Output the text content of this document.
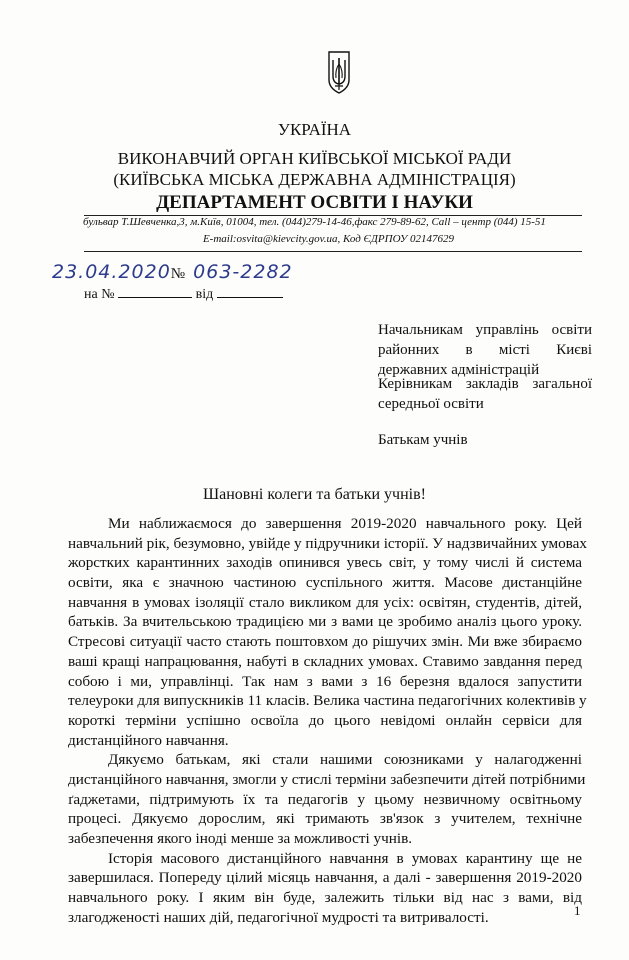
УКРАЇНА
ВИКОНАВЧИЙ ОРГАН КИЇВСЬКОЇ МІСЬКОЇ РАДИ
(КИЇВСЬКА МІСЬКА ДЕРЖАВНА АДМІНІСТРАЦІЯ)
ДЕПАРТАМЕНТ ОСВІТИ І НАУКИ
бульвар Т.Шевченка,3, м.Київ, 01004, тел. (044)279-14-46,факс 279-89-62, Call – центр (044) 15-51
E-mail:osvita@kievcity.gov.ua, Код ЄДРПОУ 02147629
23.04.2020№ 063-2282
на №	від
Начальникам управлінь освіти
районних в місті Києві
державних адміністрацій
Керівникам закладів загальної
середньої освіти
Батькам учнів
Шановні колеги та батьки учнів!
Ми наближаємося до завершення 2019-2020 навчального року. Цей
навчальний рік, безумовно, увійде у підручники історії. У надзвичайних умовах
жорстких карантинних заходів опинився увесь світ, у тому числі й система
освіти, яка є значною частиною суспільного життя. Масове дистанційне
навчання в умовах ізоляції стало викликом для усіх: освітян, студентів, дітей,
батьків. За вчительською традицією ми з вами це зробимо аналіз цього уроку.
Стресові ситуації часто стають поштовхом до рішучих змін. Ми вже збираємо
ваші кращі напрацювання, набуті в складних умовах. Ставимо завдання перед
собою і ми, управлінці. Так нам з вами з 16 березня вдалося запустити
телеуроки для випускників 11 класів. Велика частина педагогічних колективів у
короткі терміни успішно освоїла до цього невідомі онлайн сервіси для
дистанційного навчання.
Дякуємо батькам, які стали нашими союзниками у налагодженні
дистанційного навчання, змогли у стислі терміни забезпечити дітей потрібними
ґаджетами, підтримують їх та педагогів у цьому незвичному освітньому
процесі. Дякуємо дорослим, які тримають зв'язок з учителем, технічне
забезпечення якого іноді менше за можливості учнів.
Історія масового дистанційного навчання в умовах карантину ще не
завершилася. Попереду цілий місяць навчання, а далі - завершення 2019-2020
навчального року. І яким він буде, залежить тільки від нас з вами, від
злагодженості наших дій, педагогічної мудрості та витривалості.	1
